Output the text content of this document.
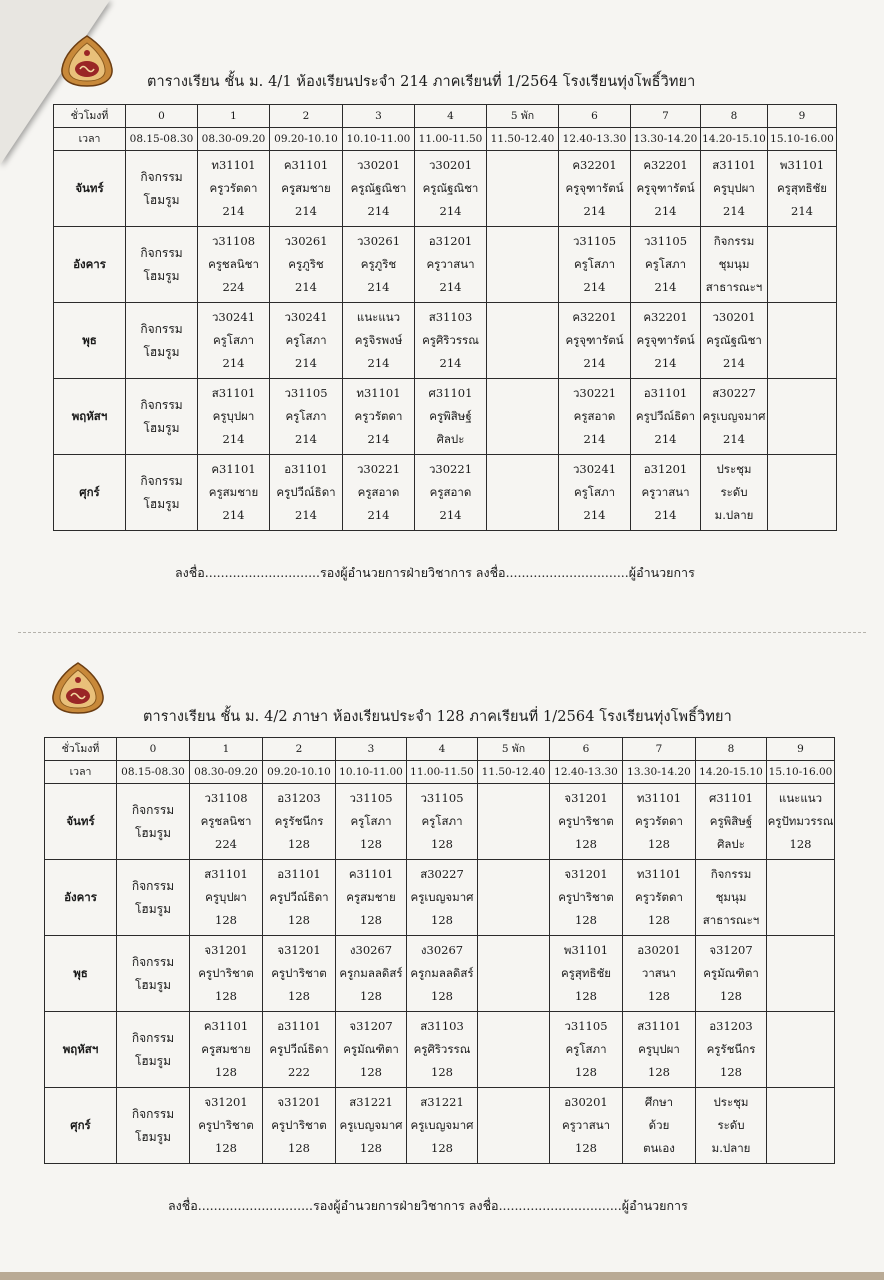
ตารางเรียน ชั้น ม. 4/1 ห้องเรียนประจำ 214 ภาคเรียนที่ 1/2564 โรงเรียนทุ่งโพธิ์วิทยา
ชั่วโมงที่	0	1	2	3	4	5 พัก	6	7	8	9
เวลา	08.15-08.30	08.30-09.20	09.20-10.10	10.10-11.00	11.00-11.50	11.50-12.40	12.40-13.30	13.30-14.20	14.20-15.10	15.10-16.00
จันทร์	กิจกรรม
โฮมรูม	ท31101
ครูวรัตดา
214	ค31101
ครูสมชาย
214	ว30201
ครูณัฐณิชา
214	ว30201
ครูณัฐณิชา
214		ค32201
ครูจุฑารัตน์
214	ค32201
ครูจุฑารัตน์
214	ส31101
ครูบุปผา
214	พ31101
ครูสุทธิชัย
214

อังคาร	กิจกรรม
โฮมรูม	ว31108
ครูชลนิชา
224	ว30261
ครูภูริช
214	ว30261
ครูภูริช
214	อ31201
ครูวาสนา
214		ว31105
ครูโสภา
214	ว31105
ครูโสภา
214	กิจกรรม
ชุมนุม
สาธารณะฯ	

พุธ	กิจกรรม
โฮมรูม	ว30241
ครูโสภา
214	ว30241
ครูโสภา
214	แนะแนว
ครูจิรพงษ์
214	ส31103
ครูศิริวรรณ
214		ค32201
ครูจุฑารัตน์
214	ค32201
ครูจุฑารัตน์
214	ว30201
ครูณัฐณิชา
214	

พฤหัสฯ	กิจกรรม
โฮมรูม	ส31101
ครูบุปผา
214	ว31105
ครูโสภา
214	ท31101
ครูวรัตดา
214	ศ31101
ครูพิสิษฐ์
ศิลปะ		ว30221
ครูสอาด
214	อ31101
ครูปวีณ์ธิดา
214	ส30227
ครูเบญจมาศ
214	

ศุกร์	กิจกรรม
โฮมรูม	ค31101
ครูสมชาย
214	อ31101
ครูปวีณ์ธิดา
214	ว30221
ครูสอาด
214	ว30221
ครูสอาด
214		ว30241
ครูโสภา
214	อ31201
ครูวาสนา
214	ประชุม
ระดับ
ม.ปลาย	

ลงชื่อ.............................รองผู้อำนวยการฝ่ายวิชาการ ลงชื่อ...............................ผู้อำนวยการ
ตารางเรียน ชั้น ม. 4/2 ภาษา ห้องเรียนประจำ 128 ภาคเรียนที่ 1/2564 โรงเรียนทุ่งโพธิ์วิทยา
ชั่วโมงที่	0	1	2	3	4	5 พัก	6	7	8	9
เวลา	08.15-08.30	08.30-09.20	09.20-10.10	10.10-11.00	11.00-11.50	11.50-12.40	12.40-13.30	13.30-14.20	14.20-15.10	15.10-16.00
จันทร์	กิจกรรม
โฮมรูม	ว31108
ครูชลนิชา
224	อ31203
ครูรัชนีกร
128	ว31105
ครูโสภา
128	ว31105
ครูโสภา
128		จ31201
ครูปาริชาต
128	ท31101
ครูวรัตดา
128	ศ31101
ครูพิสิษฐ์
ศิลปะ	แนะแนว
ครูปัทมวรรณ
128

อังคาร	กิจกรรม
โฮมรูม	ส31101
ครูบุปผา
128	อ31101
ครูปวีณ์ธิดา
128	ค31101
ครูสมชาย
128	ส30227
ครูเบญจมาศ
128		จ31201
ครูปาริชาต
128	ท31101
ครูวรัตดา
128	กิจกรรม
ชุมนุม
สาธารณะฯ	

พุธ	กิจกรรม
โฮมรูม	จ31201
ครูปาริชาต
128	จ31201
ครูปาริชาต
128	ง30267
ครูกมลลดิสร์
128	ง30267
ครูกมลลดิสร์
128		พ31101
ครูสุทธิชัย
128	อ30201
วาสนา
128	จ31207
ครูมัณฑิตา
128	

พฤหัสฯ	กิจกรรม
โฮมรูม	ค31101
ครูสมชาย
128	อ31101
ครูปวีณ์ธิดา
222	จ31207
ครูมัณฑิตา
128	ส31103
ครูศิริวรรณ
128		ว31105
ครูโสภา
128	ส31101
ครูบุปผา
128	อ31203
ครูรัชนีกร
128	

ศุกร์	กิจกรรม
โฮมรูม	จ31201
ครูปาริชาต
128	จ31201
ครูปาริชาต
128	ส31221
ครูเบญจมาศ
128	ส31221
ครูเบญจมาศ
128		อ30201
ครูวาสนา
128	ศึกษา
ด้วย
ตนเอง	ประชุม
ระดับ
ม.ปลาย	

ลงชื่อ.............................รองผู้อำนวยการฝ่ายวิชาการ ลงชื่อ...............................ผู้อำนวยการ
